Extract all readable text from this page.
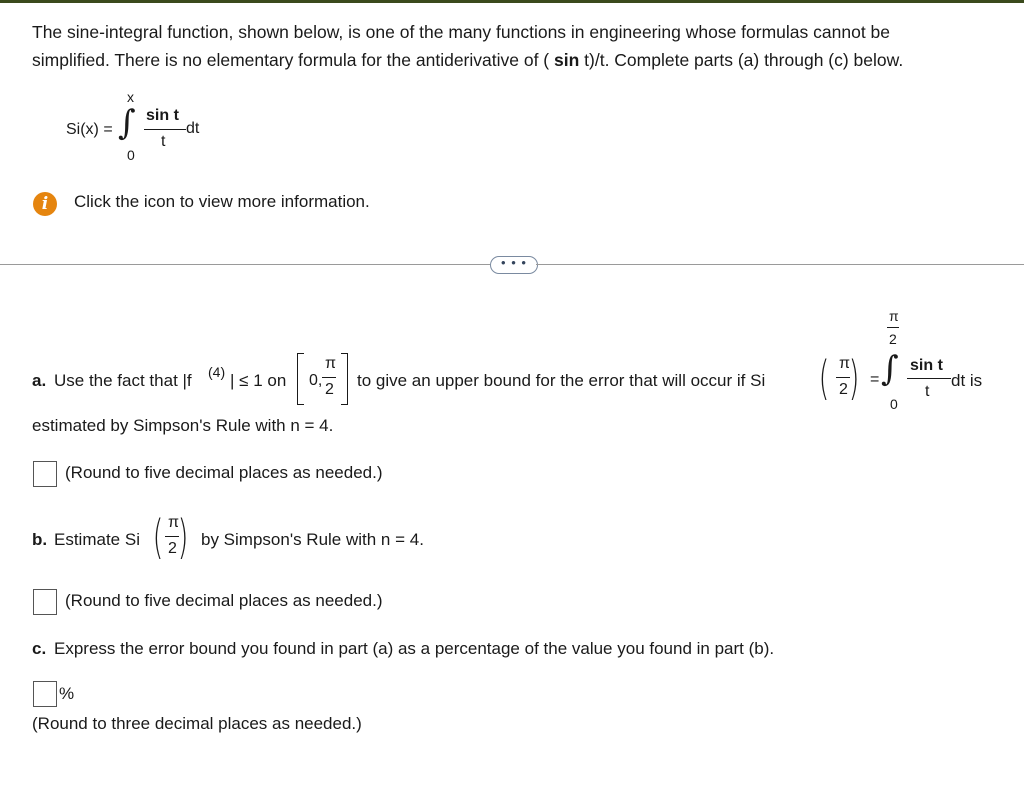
The sine-integral function, shown below, is one of the many functions in engineering whose formulas cannot be
simplified. There is no elementary formula for the antiderivative of ( sin t)/t. Complete parts (a) through (c) below.
Si(x) =
x
∫
0
sin t
t
dt
i	Click the icon to view more information.
• • •
a. Use the fact that |f (4) | ≤ 1 on 0,
π
2 to give an upper bound for the error that will occur if Si ( π
2 ) =
π
2
∫
0
sin t
t
dt is
estimated by Simpson's Rule with n = 4.
(Round to five decimal places as needed.)
b. Estimate Si ( π
2 ) by Simpson's Rule with n = 4.
(Round to five decimal places as needed.)
c. Express the error bound you found in part (a) as a percentage of the value you found in part (b).
%
(Round to three decimal places as needed.)
